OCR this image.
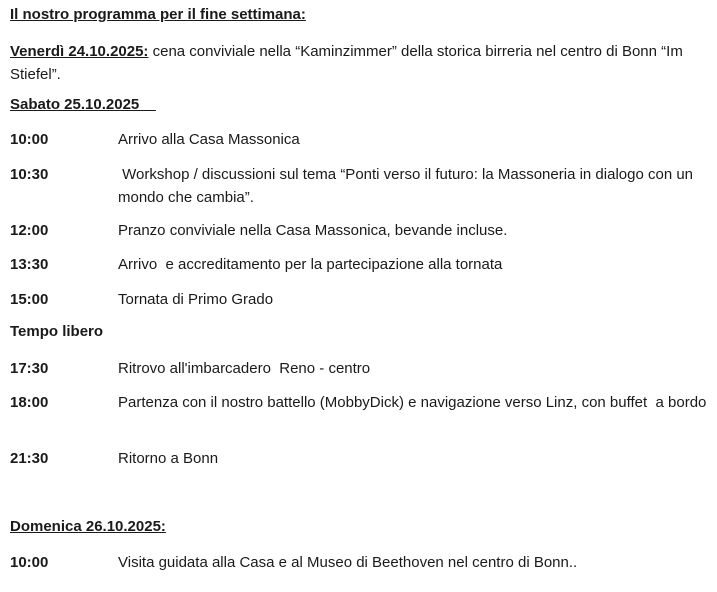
Il nostro programma per il fine settimana:
Venerdì 24.10.2025: cena conviviale nella “Kaminzimmer” della storica birreria nel centro di Bonn “Im Stiefel”.
Sabato 25.10.2025
10:00	Arrivo alla Casa Massonica
10:30	Workshop / discussioni sul tema “Ponti verso il futuro: la Massoneria in dialogo con un mondo che cambia”.
12:00	Pranzo conviviale nella Casa Massonica, bevande incluse.
13:30	Arrivo  e accreditamento per la partecipazione alla tornata
15:00	Tornata di Primo Grado
Tempo libero
17:30	Ritrovo all'imbarcadero  Reno - centro
18:00	Partenza con il nostro battello (MobbyDick) e navigazione verso Linz, con buffet  a bordo
21:30	Ritorno a Bonn
Domenica 26.10.2025:
10:00	Visita guidata alla Casa e al Museo di Beethoven nel centro di Bonn..
